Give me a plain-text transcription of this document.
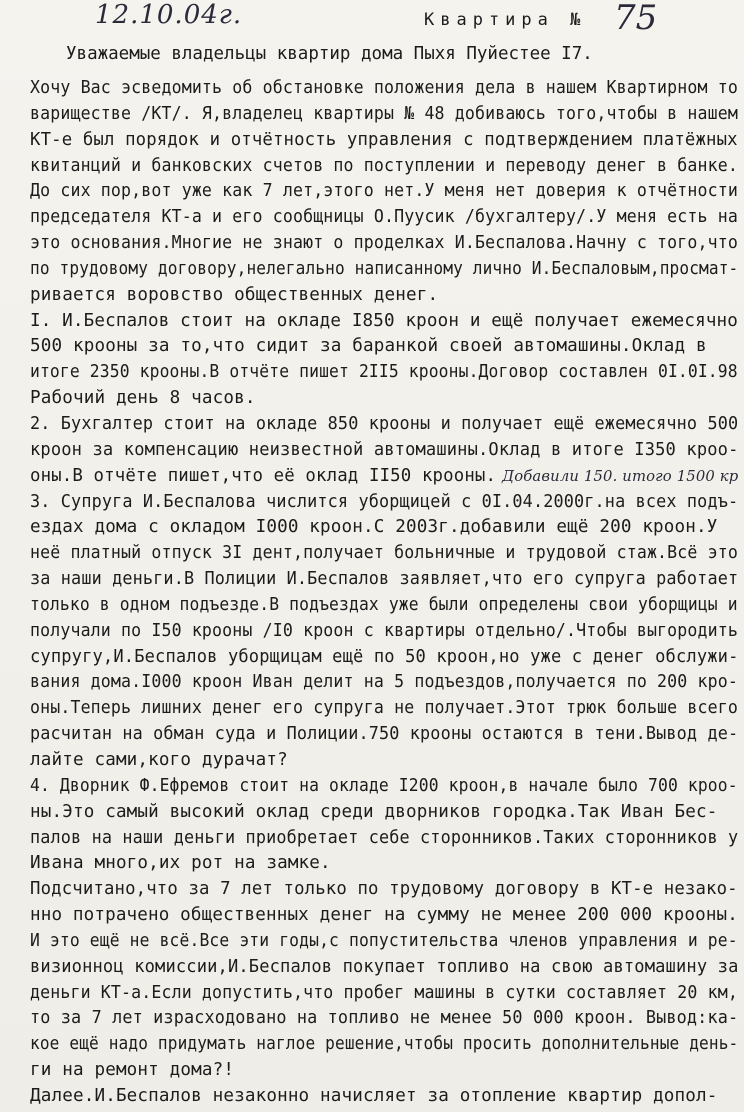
12.10.04г.	Квартира № 75
Уважаемые владельцы квартир дома Пыхя Пуйестее I7.
Хочу Вас эсведомить об обстановке положения дела в нашем Квартирном то
вариществе /КТ/. Я,владелец квартиры № 48 добиваюсь того,чтобы в нашем
КТ-е был порядок и отчётность управления с подтверждением платёжных
квитанций и банковских счетов по поступлении и переводу денег в банке.
До сих пор,вот уже как 7 лет,этого нет.У меня нет доверия к отчётности
председателя КТ-а и его сообщницы О.Пуусик /бухгалтеру/.У меня есть на
это основания.Многие не знают о проделках И.Беспалова.Начну с того,что
по трудовому договору,нелегально написанному лично И.Беспаловым,просмат-
ривается воровство общественных денег.
I. И.Беспалов стоит на окладе I850 кроон и ещё получает ежемесячно
500 крооны за то,что сидит за баранкой своей автомашины.Оклад в
итоге 2350 крооны.В отчёте пишет 2II5 крооны.Договор составлен 0I.0I.98
Рабочий день 8 часов.
2. Бухгалтер стоит на окладе 850 крооны и получает ещё ежемесячно 500
кроон за компенсацию неизвестной автомашины.Оклад в итоге I350 кроо-
оны.В отчёте пишет,что её оклад II50 крооны. Добавили 150. итого 1500 кр
3. Супруга И.Беспалова числится уборщицей с 0I.04.2000г.на всех подъ-
ездах дома с окладом I000 кроон.С 2003г.добавили ещё 200 кроон.У
неё платный отпуск 3I дент,получает больничные и трудовой стаж.Всё это
за наши деньги.В Полиции И.Беспалов заявляет,что его супруга работает
только в одном подъезде.В подъездах уже были определены свои уборщицы и
получали по I50 крооны /I0 кроон с квартиры отдельно/.Чтобы выгородить
супругу,И.Беспалов уборщицам ещё по 50 кроон,но уже с денег обслужи-
вания дома.I000 кроон Иван делит на 5 подъездов,получается по 200 кро-
оны.Теперь лишних денег его супруга не получает.Этот трюк больше всего
расчитан на обман суда и Полиции.750 крооны остаются в тени.Вывод де-
лайте сами,кого дурачат?
4. Дворник Ф.Ефремов стоит на окладе I200 кроон,в начале было 700 кроо-
ны.Это самый высокий оклад среди дворников городка.Так Иван Бес-
палов на наши деньги приобретает себе сторонников.Таких сторонников у
Ивана много,их рот на замке.
Подсчитано,что за 7 лет только по трудовому договору в КТ-е незако-
нно потрачено общественных денег на сумму не менее 200 000 крооны.
И это ещё не всё.Все эти годы,с попустительства членов управления и ре-
визионноц комиссии,И.Беспалов покупает топливо на свою автомашину за
деньги КТ-а.Если допустить,что пробег машины в сутки составляет 20 км,
то за 7 лет израсходовано на топливо не менее 50 000 кроон. Вывод:ка-
кое ещё надо придумать наглое решение,чтобы просить дополнительные день-
ги на ремонт дома?!
Далее.И.Беспалов незаконно начисляет за отопление квартир допол-
